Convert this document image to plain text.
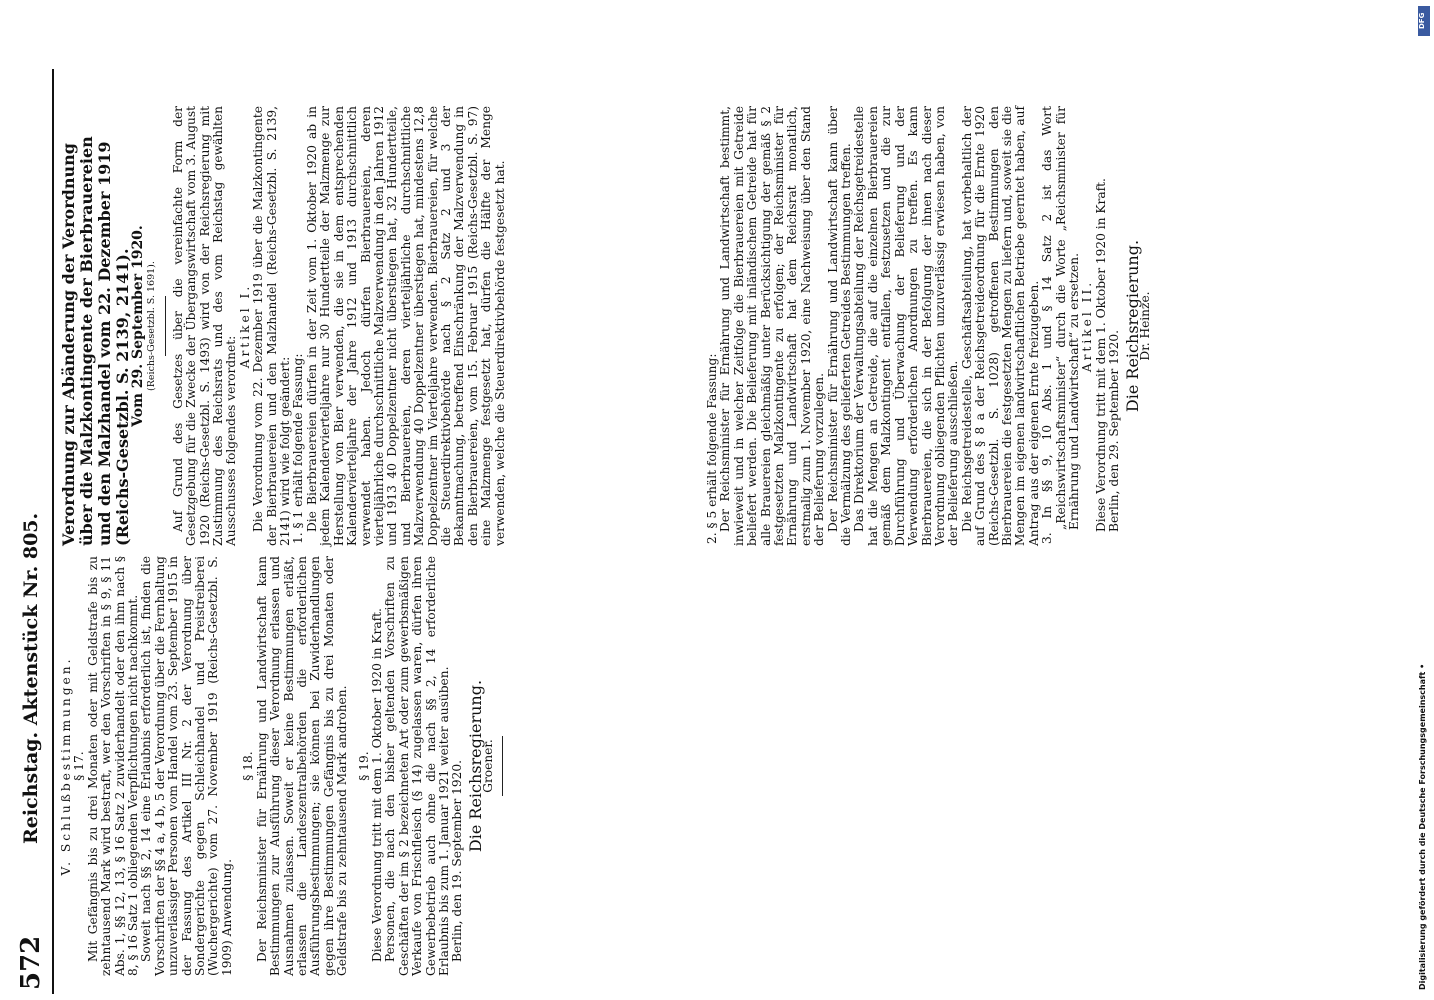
572
Reichstag. Aktenstück Nr. 805. V. Schlußbestimmungen. § 17. Mit Gefängnis bis zu drei Monaten oder mit Geldstrafe bis zu zehntausend Mark wird bestraft, wer den Vorschriften in § 9, § 11 Abs. 1, §§ 12, 13, § 16 Satz 2 zuwiderhandelt oder den ihm nach § 8, § 16 Satz 1 obliegenden Verpflichtungen nicht nachkommt. Soweit nach §§ 2, 14 eine Erlaubnis erforderlich ist, finden die Vorschriften der §§ 4 a, 4 b, 5 der Verordnung über die Fernhaltung unzuverlässiger Personen vom Handel vom 23. September 1915 in der Fassung des Artikel III Nr. 2 der Verordnung über Sondergerichte gegen Schleichhandel und Preistreiberei (Wuchergerichte) vom 27. November 1919 (Reichs-Gesetzbl. S. 1909) Anwendung.

§ 18. Der Reichsminister für Ernährung und Landwirtschaft kann Bestimmungen zur Ausführung dieser Verordnung erlassen und Ausnahmen zulassen. Soweit er keine Bestimmungen erläßt, erlassen die Landeszentralbehörden die erforderlichen Ausführungsbestimmungen; sie können bei Zuwiderhandlungen gegen ihre Bestimmungen Gefängnis bis zu drei Monaten oder Geldstrafe bis zu zehntausend Mark androhen. § 19. Diese Verordnung tritt mit dem 1. Oktober 1920 in Kraft. Personen, die nach den bisher geltenden Vorschriften zu Geschäften der im § 2 bezeichneten Art oder zum gewerbsmäßigen Verkaufe von Frischfleisch (§ 14) zugelassen waren, dürfen ihren Gewerbebetrieb auch ohne die nach §§ 2, 14 erforderliche Erlaubnis bis zum 1. Januar 1921 weiter ausüben. Berlin, den 19. September 1920. Die Reichsregierung.

Groener.

Verordnung zur Abänderung der Verordnung über die Malzkontingente der Bierbrauereien und den Malzhandel vom 22. Dezember 1919 (Reichs-Gesetzbl. S. 2139, 2141).

Vom 29. September 1920. (Reichs-Gesetzbl. S. 1691). Auf Grund des Gesetzes über die vereinfachte Form der Gesetzgebung für die Zwecke der Übergangswirtschaft vom 3. August 1920 (Reichs-Gesetzbl. S. 1493) wird von der Reichsregierung mit Zustimmung des Reichsrats und des vom Reichstag gewählten Ausschusses folgendes verordnet:

Artikel I. Die Verordnung vom 22. Dezember 1919 über die Malzkontingente der Bierbrauereien und den Malzhandel (Reichs-Gesetzbl. S. 2139, 2141) wird wie folgt geändert: 1. § 1 erhält folgende Fassung: Die Bierbrauereien dürfen in der Zeit vom 1. Oktober 1920 ab in jedem Kalendervierteljahre nur 30 Hundertteile der Malzmenge zur Herstellung von Bier verwenden, die sie in dem entsprechenden Kalendervierteljahre der Jahre 1912 und 1913 durchschnittlich verwendet haben. Jedoch dürfen Bierbrauereien, deren vierteljährliche durchschnittliche Malzverwendung in den Jahren 1912 und 1913 40 Doppelzentner nicht überstiegen hat, 32 Hundertteile, und Bierbrauereien, deren vierteljährliche durchschnittliche Malzverwendung 40 Doppelzentner überstiegen hat, mindestens 12,8 Doppelzentner im Vierteljahre verwenden. Bierbrauereien, für welche die Steuerdirektivbehörde nach § 2 Satz 2 und 3 der Bekanntmachung, betreffend Einschränkung der Malzverwendung in den Bierbrauereien, vom 15. Februar 1915 (Reichs-Gesetzbl. S. 97) eine Malzmenge festgesetzt hat, dürfen die Hälfte der Menge verwenden, welche die Steuerdirektivbehörde festgesetzt hat.	2. § 5 erhält folgende Fassung: Der Reichsminister für Ernährung und Landwirtschaft bestimmt, inwieweit und in welcher Zeitfolge die Bierbrauereien mit Getreide beliefert werden. Die Belieferung mit inländischem Getreide hat für alle Brauereien gleichmäßig unter Berücksichtigung der gemäß § 2 festgesetzten Malzkontingente zu erfolgen; der Reichsminister für Ernährung und Landwirtschaft hat dem Reichsrat monatlich, erstmalig zum 1. November 1920, eine Nachweisung über den Stand der Belieferung vorzulegen. Der Reichsminister für Ernährung und Landwirtschaft kann über die Vermälzung des gelieferten Getreides Bestimmungen treffen. Das Direktorium der Verwaltungsabteilung der Reichsgetreidestelle hat die Mengen an Getreide, die auf die einzelnen Bierbrauereien gemäß dem Malzkontingent entfallen, festzusetzen und die zur Durchführung und Überwachung der Belieferung und der Verwendung erforderlichen Anordnungen zu treffen. Es kann Bierbrauereien, die sich in der Befolgung der ihnen nach dieser Verordnung obliegenden Pflichten unzuverlässig erwiesen haben, von der Belieferung ausschließen. Die Reichsgetreidestelle, Geschäftsabteilung, hat vorbehaltlich der auf Grund des § 8 a der Reichsgetreideordnung für die Ernte 1920 (Reichs-Gesetzbl. S. 1028) getroffenen Bestimmungen den Bierbrauereien die festgesetzten Mengen zu liefern und, soweit sie die Mengen im eigenen landwirtschaftlichen Betriebe geerntet haben, auf Antrag aus der eigenen Ernte freizugeben. 3. In §§ 9, 10 Abs. 1 und § 14 Satz 2 ist das Wort „Reichswirtschaftsminister“ durch die Worte „Reichsminister für Ernährung und Landwirtschaft“ zu ersetzen. Artikel II. Diese Verordnung tritt mit dem 1. Oktober 1920 in Kraft. Berlin, den 29. September 1920.

Die Reichsregierung.

Dr. Heinze.

DFG
Digitalisierung gefördert durch die Deutsche Forschungsgemeinschaft •
